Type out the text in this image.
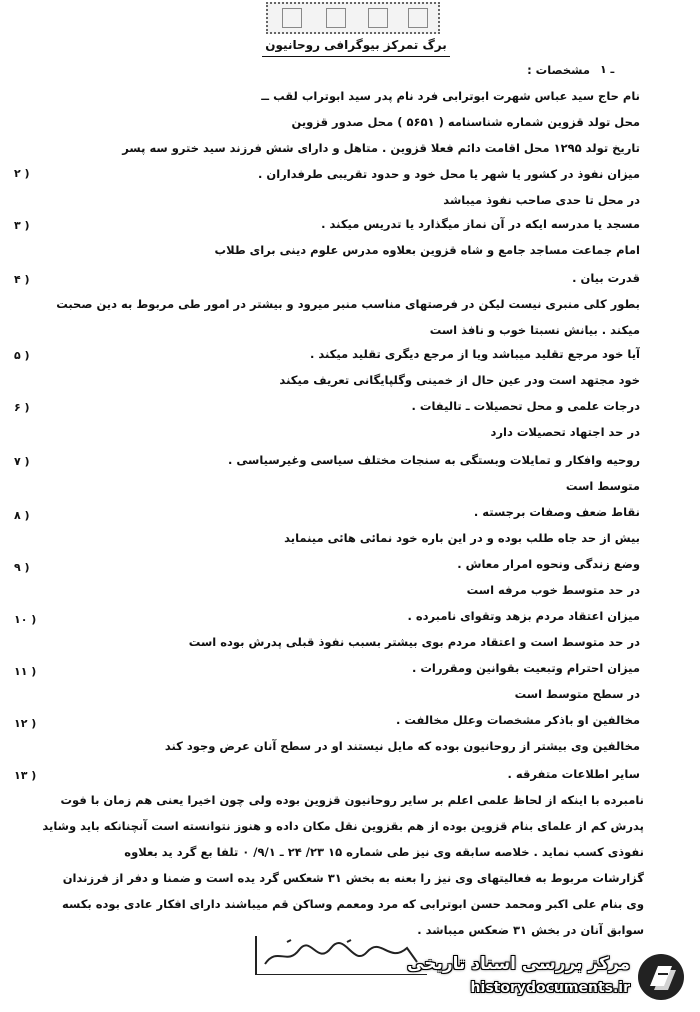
برگ تمرکز بیوگرافی روحانیون
۱ ـ
مشخصات :
نام حاج سید عباس شهرت ابوترابی فرد نام پدر سید ابوتراب لقب ــ
محل تولد قزوین شماره شناسنامه ( ۵۶۵۱ ) محل صدور قزوین
تاریخ تولد ۱۲۹۵ محل اقامت دائم فعلا قزوین . متاهل و دارای شش فرزند سید خترو سه پسر
۲ )	میزان نفوذ در کشور یا شهر یا محل خود و حدود تقریبی طرفداران .
در محل تا حدی صاحب نفوذ میباشد
۳ )	مسجد یا مدرسه ایکه در آن نماز میگذارد یا تدریس میکند .
امام جماعت مساجد جامع و شاه قزوین بعلاوه مدرس علوم دینی برای طلاب
۴ )	قدرت بیان .
بطور کلی منبری نیست لیکن در فرصتهای مناسب منبر میرود و بیشتر در امور طی مربوط به دین صحبت
میکند . بیانش نسبتا خوب و نافذ است
۵ )	آیا خود مرجع تقلید میباشد ویا از مرجع دیگری تقلید میکند .
خود مجتهد است ودر عین حال از خمینی وگلپایگانی تعریف میکند
۶ )	درجات علمی و محل تحصیلات ـ تالیفات .
در حد اجتهاد تحصیلات دارد
۷ )	روحیه وافکار و تمایلات وبستگی به سنجات مختلف سیاسی وغیرسیاسی .
متوسط است
۸ )	نقاط ضعف وصفات برجسته .
بیش از حد جاه طلب بوده و در این باره خود نمائی هائی مینماید
۹ )	وضع زندگی ونحوه امرار معاش .
در حد متوسط خوب مرفه است
۱۰ )	میزان اعتقاد مردم بزهد وتقوای نامبرده .
در حد متوسط است و اعتقاد مردم بوی بیشتر بسبب نفوذ قبلی پدرش بوده است
۱۱ )	میزان احترام وتبعیت بقوانین ومقررات .
در سطح متوسط است
۱۲ )	مخالفین او باذکر مشخصات وعلل مخالفت .
مخالفین وی بیشتر از روحانیون بوده که مایل نیستند او در سطح آنان عرض وجود کند
۱۳ )	سایر اطلاعات متفرقه .
نامبرده با اینکه از لحاظ علمی اعلم بر سایر روحانیون قزوین بوده ولی چون اخیرا یعنی هم زمان با فوت
پدرش کم از علمای بنام قزوین بوده از هم بقزوین نقل مکان داده و هنوز نتوانسته است آنچنانکه باید وشاید
نفوذی کسب نماید . خلاصه سابقه وی نیز طی شماره ۱۵ ۲۳/ ۲۴ ـ ۹/۱/ ۰ تلفا بع گرد ید بعلاوه
گزارشات مربوط به فعالیتهای وی نیز را بعنه به بخش ۳۱ شعکس گرد یده است و ضمنا و دفر از فرزندان
وی بنام علی اکبر ومحمد حسن ابوترابی که مرد ومعمم وساکن قم میباشند دارای افکار عادی بوده بکسه
سوابق آنان در بخش ۳۱ ضعکس میباشد .
مرکز بررسی اسناد تاریخی
historydocuments.ir
